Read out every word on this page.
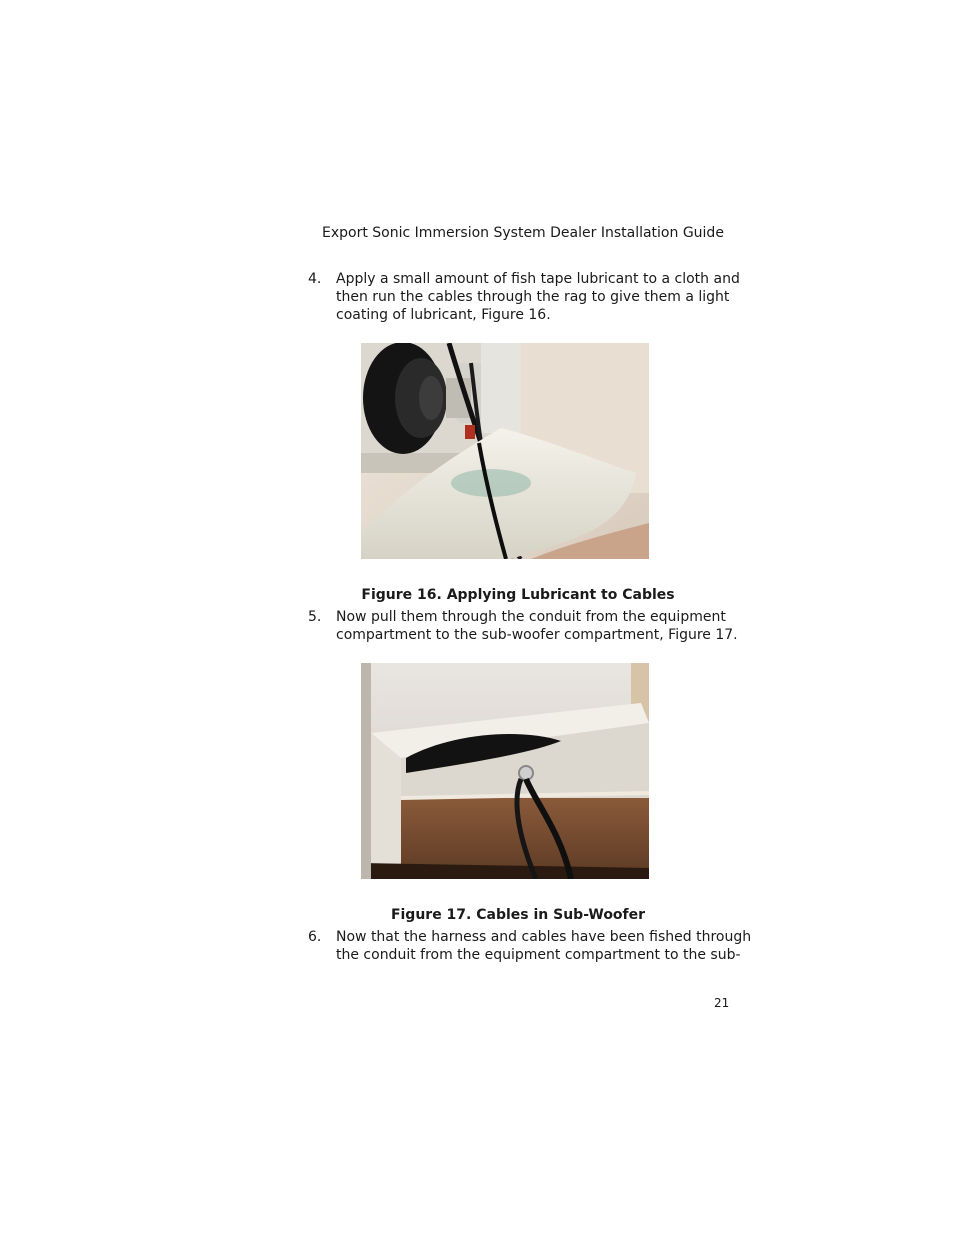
Export Sonic Immersion System Dealer Installation Guide
4. Apply a small amount of fish tape lubricant to a cloth and
then run the cables through the rag to give them a light
coating of lubricant, Figure 16.
Figure 16. Applying Lubricant to Cables
5. Now pull them through the conduit from the equipment
compartment to the sub-woofer compartment, Figure 17.
Figure 17. Cables in Sub-Woofer
6. Now that the harness and cables have been fished through
the conduit from the equipment compartment to the sub-
21
